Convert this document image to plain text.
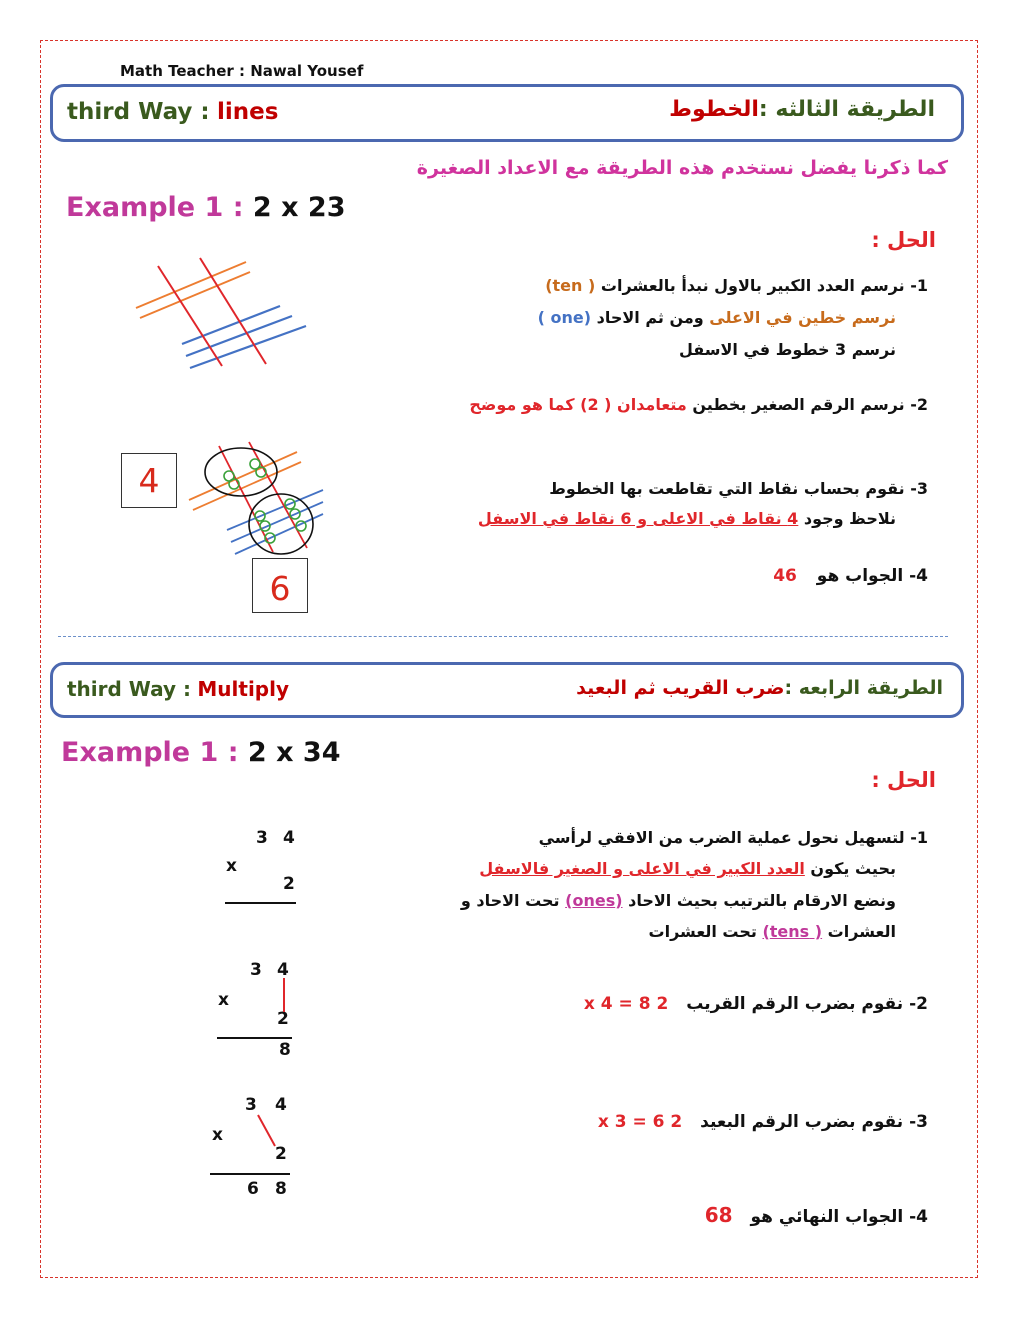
Math Teacher : Nawal Yousef
third Way : lines	الطريقة الثالثه :الخطوط
كما ذكرنا يفضل نستخدم هذه الطريقة مع الاعداد الصغيرة
Example 1 : 2 x 23
الحل :
1- نرسم العدد الكبير بالاول نبدأ بالعشرات ( ten)
نرسم خطين في الاعلى ومن ثم الاحاد (one )
نرسم 3 خطوط في الاسفل
2- نرسم الرقم الصغير بخطين متعامدان ( 2) كما هو موضح
3- نقوم بحساب نقاط التي تقاطعت بها الخطوط
نلاحظ وجود 4 نقاط في الاعلى و 6 نقاط في الاسفل
4- الجواب هو 46
4
6
third Way : Multiply	الطريقة الرابعه :ضرب القريب ثم البعيد
Example 1 : 2 x 34
الحل :
1- لتسهيل نحول عملية الضرب من الافقي لرأسي
بحيث يكون العدد الكبير في الاعلى و الصغير فالاسفل
ونضع الارقام بالترتيب بحيث الاحاد (ones) تحت الاحاد و
العشرات ( tens) تحت العشرات
2- نقوم بضرب الرقم القريب 2 x 4 = 8
3- نقوم بضرب الرقم البعيد 2 x 3 = 6
4- الجواب النهائي هو 68
3 4
x
2
3 4
x
2
8
3 4
x
2
6 8
